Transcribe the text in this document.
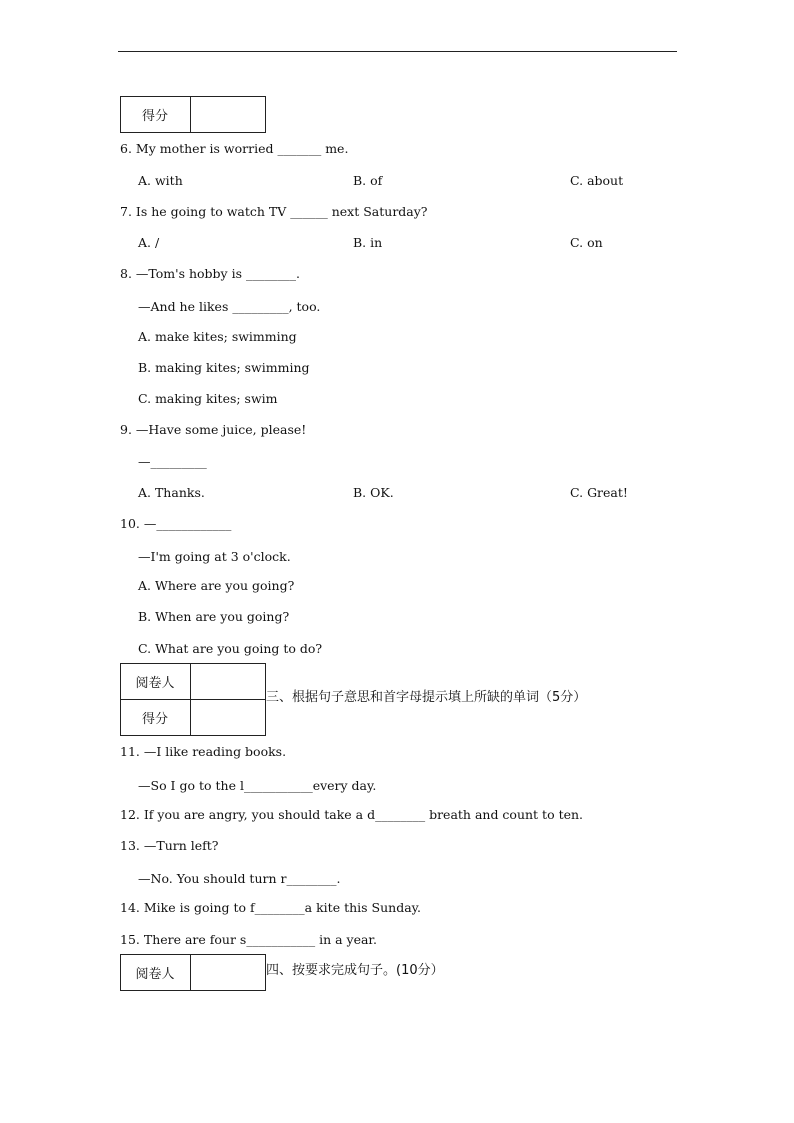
得分
6. My mother is worried _______ me.
A. with	B. of	C. about
7. Is he going to watch TV ______ next Saturday?
A. /	B. in	C. on
8. —Tom's hobby is ________.
—And he likes _________, too.
A. make kites; swimming
B. making kites; swimming
C. making kites; swim
9. —Have some juice, please!
—_________
A. Thanks.	B. OK.	C. Great!
10. —____________
—I'm going at 3 o'clock.
A. Where are you going?
B. When are you going?
C. What are you going to do?
阅卷人
得分
三、根据句子意思和首字母提示填上所缺的单词（5分）
11. —I like reading books.
—So I go to the l___________every day.
12. If you are angry, you should take a d________ breath and count to ten.
13. —Turn left?
—No. You should turn r________.
14. Mike is going to f________a kite this Sunday.
15. There are four s___________ in a year.
阅卷人	四、按要求完成句子。(10分）
